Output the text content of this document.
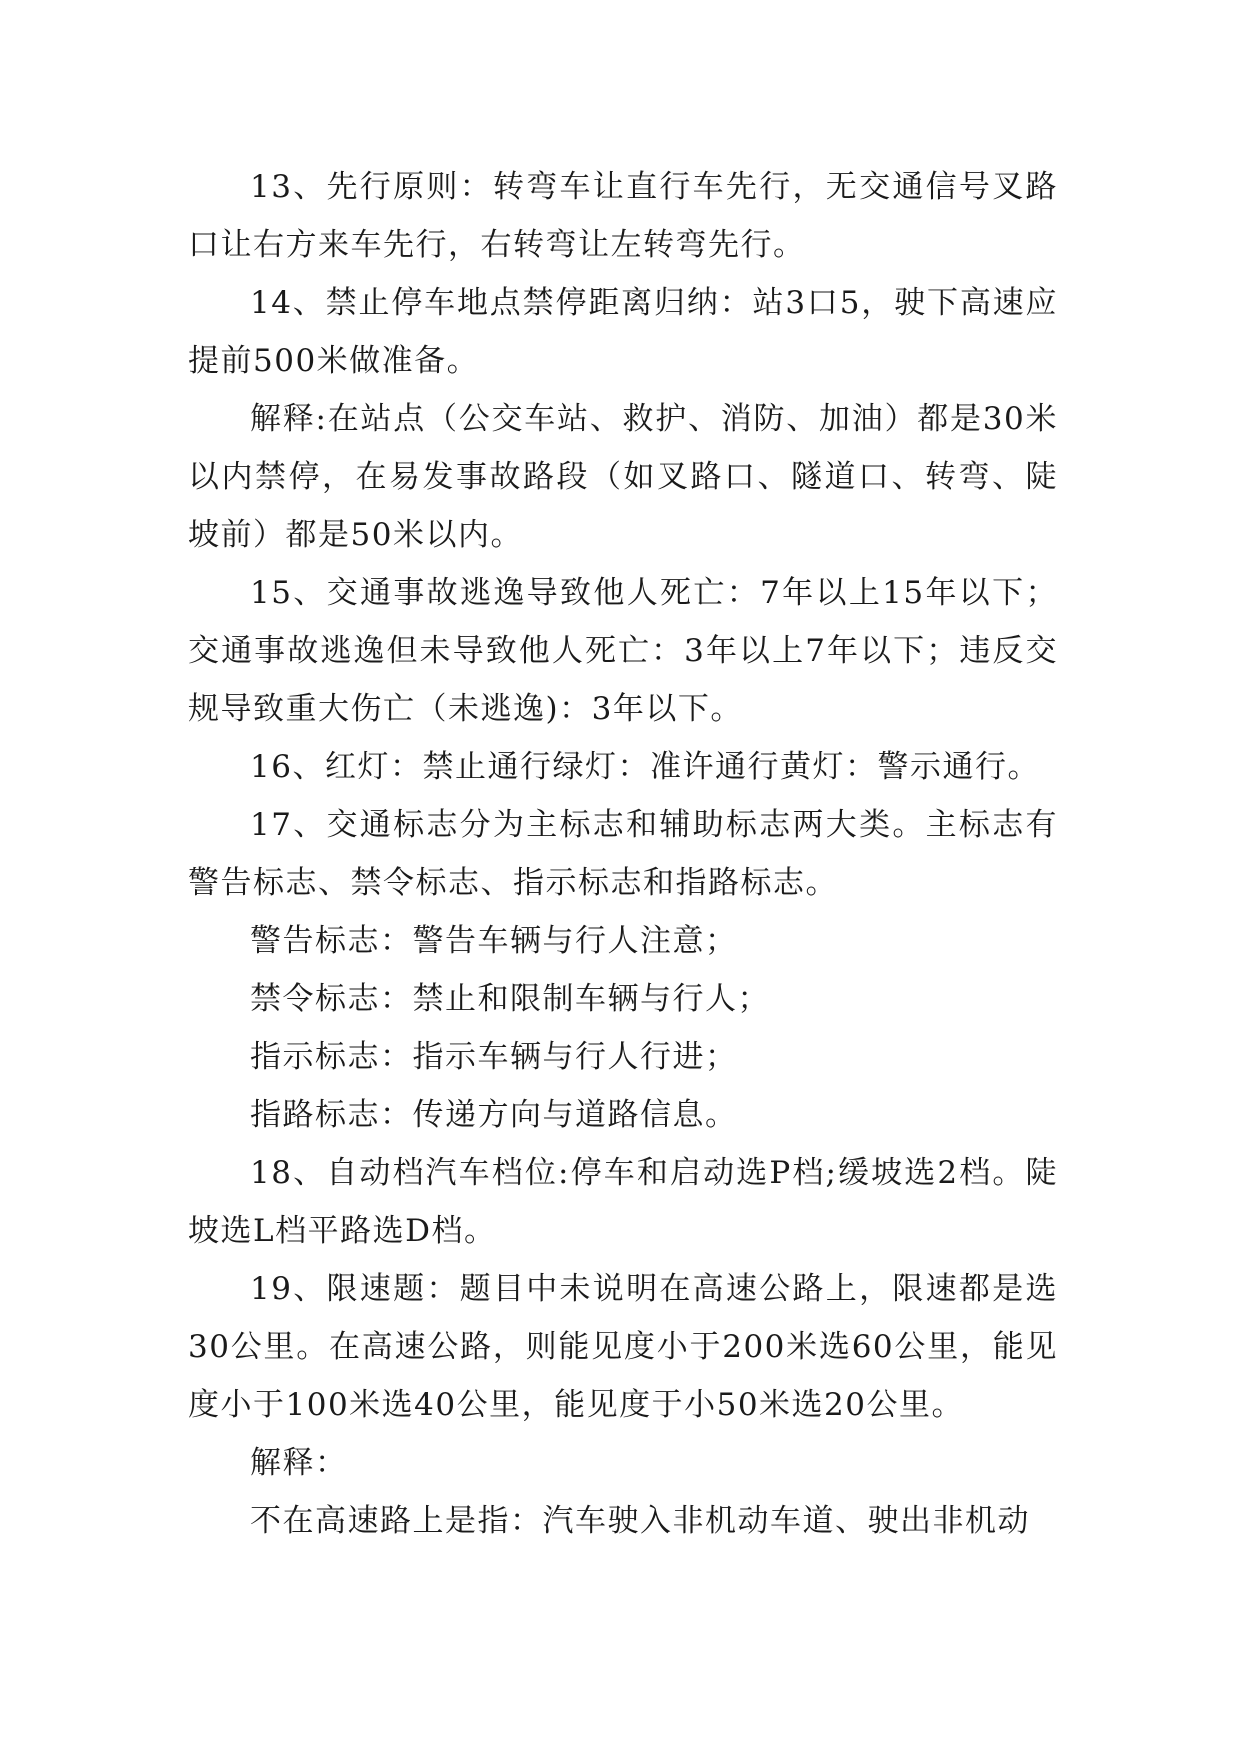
13、先行原则：转弯车让直行车先行，无交通信号叉路口让右方来车先行，右转弯让左转弯先行。

14、禁止停车地点禁停距离归纳：站3口5，驶下高速应提前500米做准备。

解释:在站点（公交车站、救护、消防、加油）都是30米以内禁停，在易发事故路段（如叉路口、隧道口、转弯、陡坡前）都是50米以内。

15、交通事故逃逸导致他人死亡：7年以上15年以下；交通事故逃逸但未导致他人死亡：3年以上7年以下；违反交规导致重大伤亡（未逃逸)：3年以下。

16、红灯：禁止通行绿灯：准许通行黄灯：警示通行。

17、交通标志分为主标志和辅助标志两大类。主标志有警告标志、禁令标志、指示标志和指路标志。

警告标志：警告车辆与行人注意；

禁令标志：禁止和限制车辆与行人；

指示标志：指示车辆与行人行进；

指路标志：传递方向与道路信息。

18、自动档汽车档位:停车和启动选P档;缓坡选2档。陡坡选L档平路选D档。

19、限速题：题目中未说明在高速公路上，限速都是选30公里。在高速公路，则能见度小于200米选60公里，能见度小于100米选40公里，能见度于小50米选20公里。

解释：

不在高速路上是指：汽车驶入非机动车道、驶出非机动
